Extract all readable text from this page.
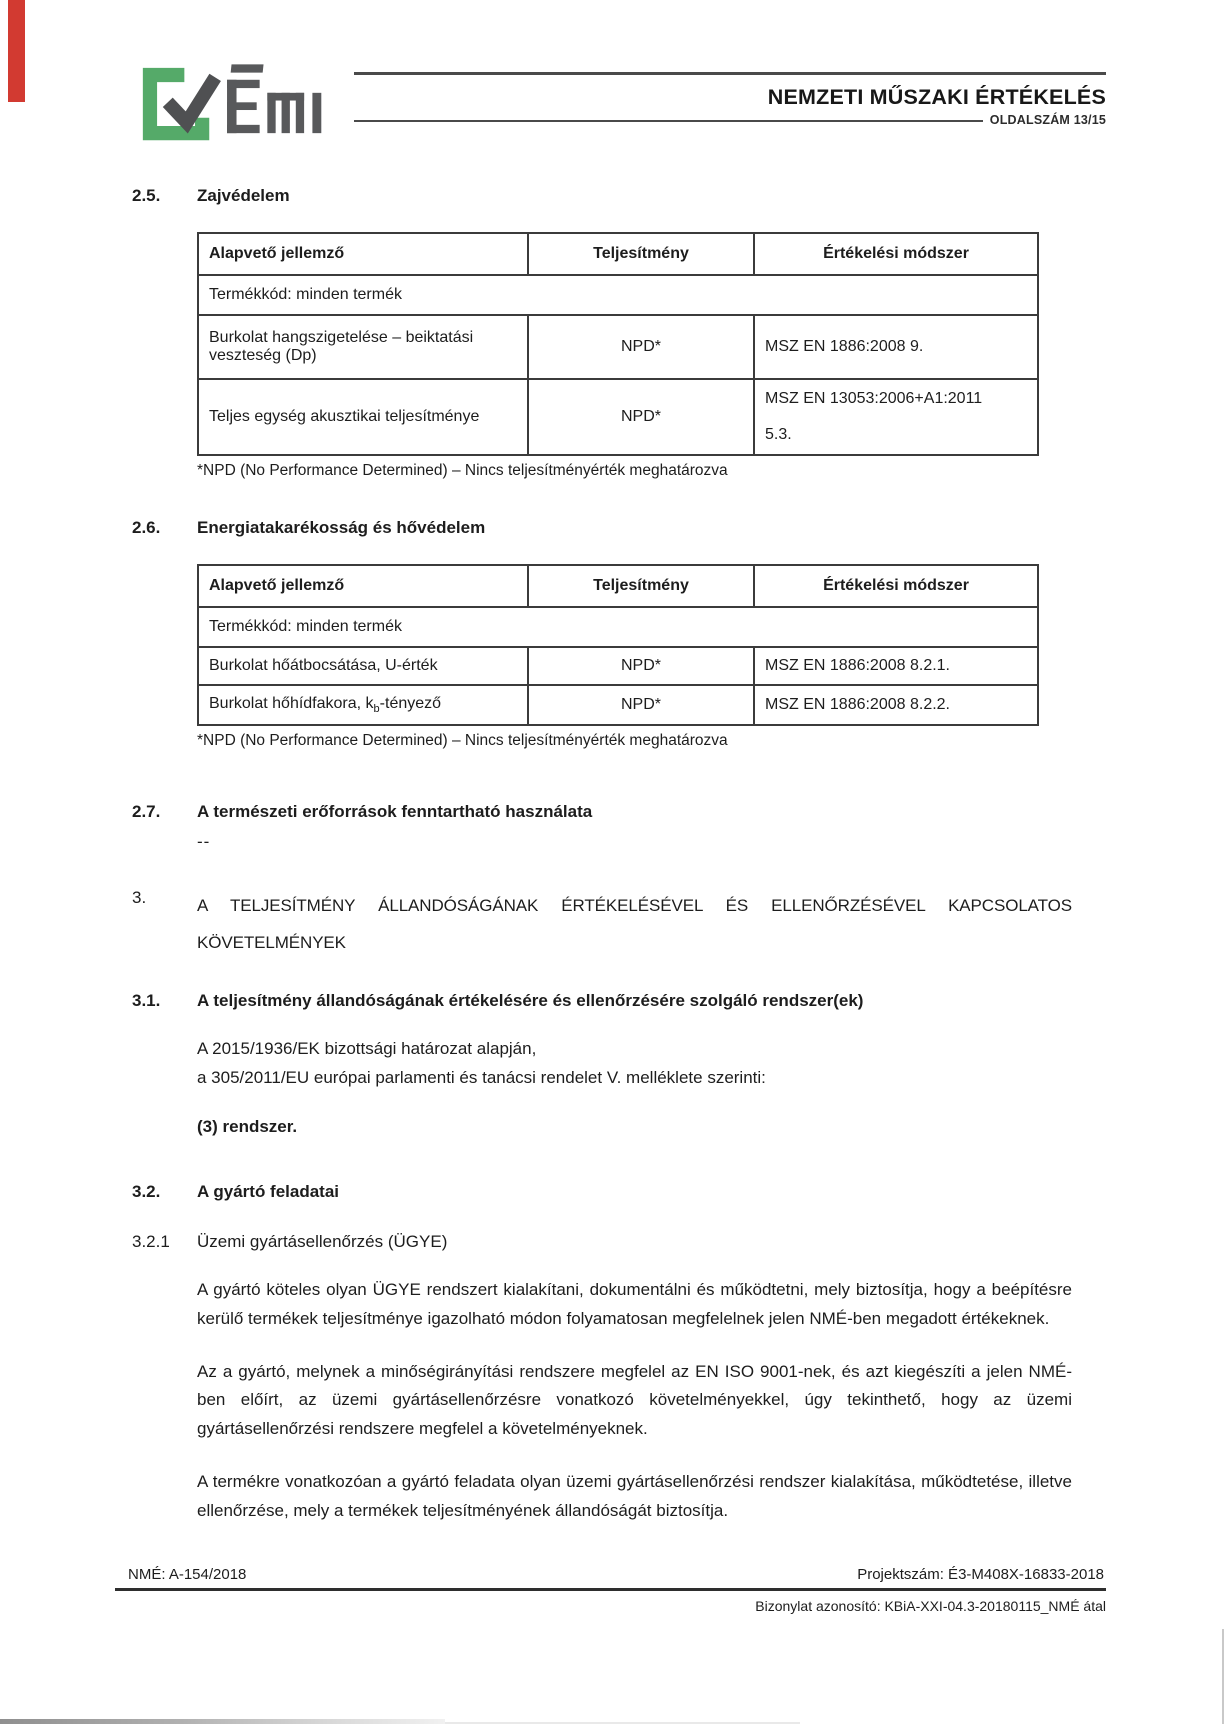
NEMZETI MŰSZAKI ÉRTÉKELÉS
OLDALSZÁM 13/15
2.5.	Zajvédelem
Alapvető jellemző	Teljesítmény	Értékelési módszer
Termékkód: minden termék		
Burkolat hangszigetelése – beiktatási veszteség (Dp)	NPD*	MSZ EN 1886:2008 9.
Teljes egység akusztikai teljesítménye	NPD*	MSZ EN 13053:2006+A1:2011
5.3.
*NPD (No Performance Determined) – Nincs teljesítményérték meghatározva
2.6.	Energiatakarékosság és hővédelem
Alapvető jellemző	Teljesítmény	Értékelési módszer
Termékkód: minden termék		
Burkolat hőátbocsátása, U-érték	NPD*	MSZ EN 1886:2008 8.2.1.
Burkolat hőhídfakora, $k_b$-tényező	NPD*	MSZ EN 1886:2008 8.2.2.
*NPD (No Performance Determined) – Nincs teljesítményérték meghatározva
2.7.	A természeti erőforrások fenntartható használata
--
3.	A TELJESÍTMÉNY ÁLLANDÓSÁGÁNAK ÉRTÉKELÉSÉVEL ÉS ELLENŐRZÉSÉVEL KAPCSOLATOS KÖVETELMÉNYEK
3.1.	A teljesítmény állandóságának értékelésére és ellenőrzésére szolgáló rendszer(ek)
A 2015/1936/EK bizottsági határozat alapján,
a 305/2011/EU európai parlamenti és tanácsi rendelet V. melléklete szerinti:
(3) rendszer.
3.2.	A gyártó feladatai
3.2.1	Üzemi gyártásellenőrzés (ÜGYE)

A gyártó köteles olyan ÜGYE rendszert kialakítani, dokumentálni és működtetni, mely biztosítja, hogy a beépítésre kerülő termékek teljesítménye igazolható módon folyamatosan megfelelnek jelen NMÉ-ben megadott értékeknek.

Az a gyártó, melynek a minőségirányítási rendszere megfelel az EN ISO 9001-nek, és azt kiegészíti a jelen NMÉ-ben előírt, az üzemi gyártásellenőrzésre vonatkozó követelményekkel, úgy tekinthető, hogy az üzemi gyártásellenőrzési rendszere megfelel a követelményeknek.

A termékre vonatkozóan a gyártó feladata olyan üzemi gyártásellenőrzési rendszer kialakítása, működtetése, illetve ellenőrzése, mely a termékek teljesítményének állandóságát biztosítja.

NMÉ: A-154/2018	Projektszám: É3-M408X-16833-2018
Bizonylat azonosító: KBiA-XXI-04.3-20180115_NMÉ átal
